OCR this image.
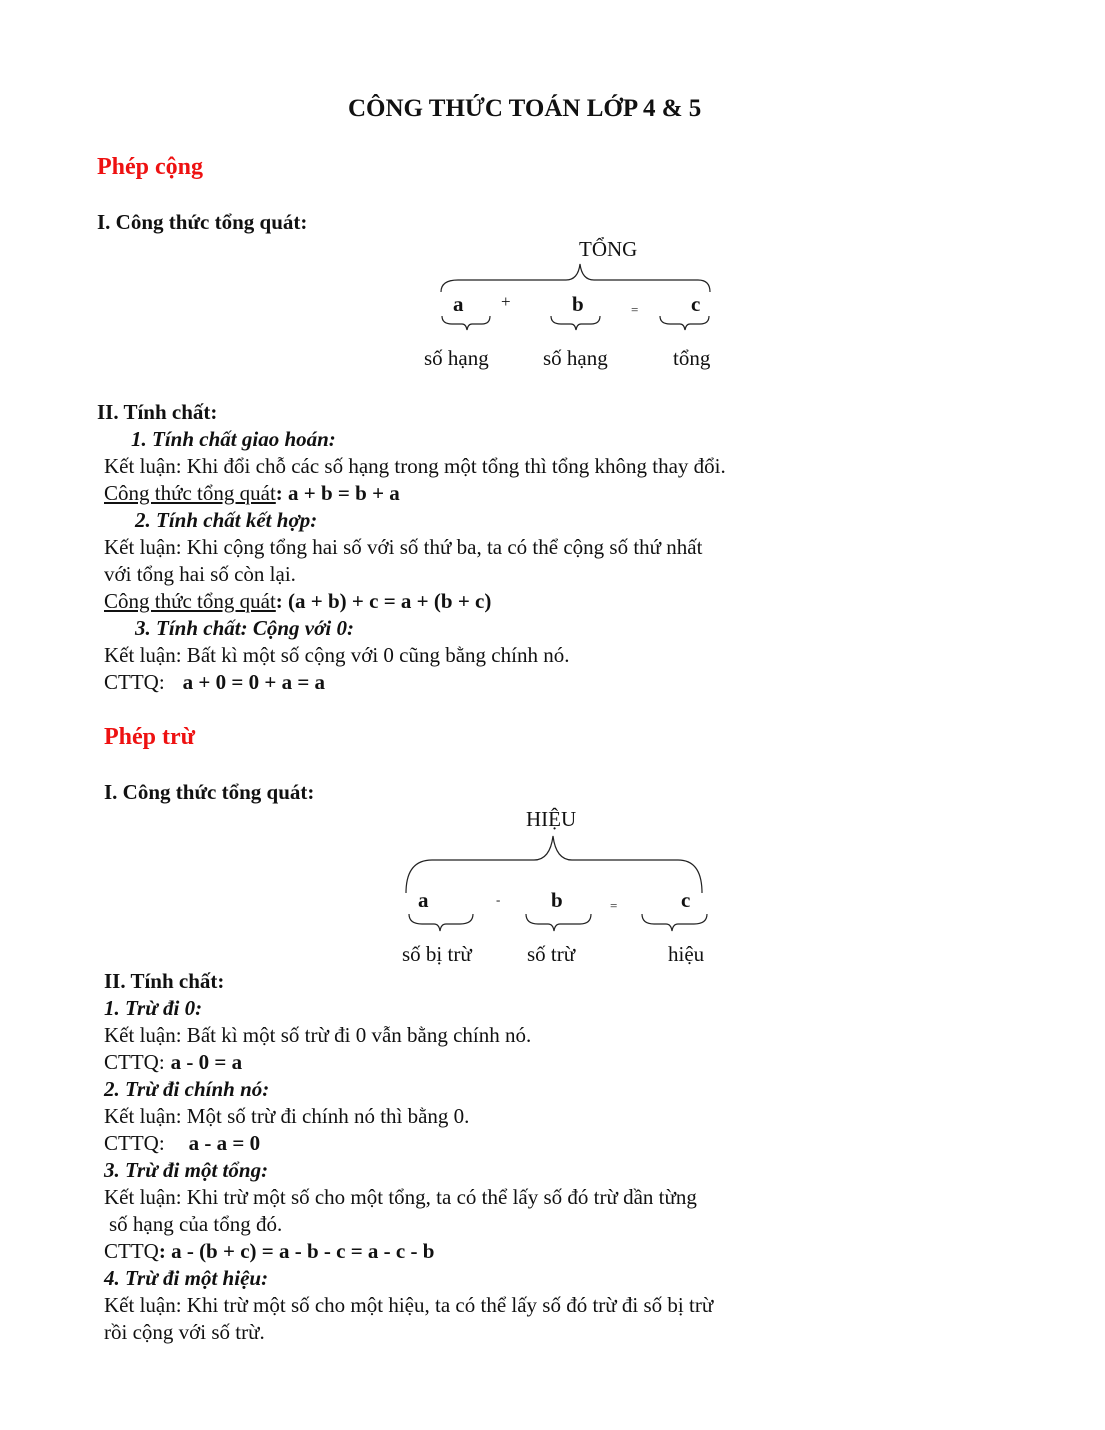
CÔNG THỨC TOÁN LỚP 4 & 5
Phép cộng
I. Công thức tổng quát:
TỔNG
a +	b	=	c
số hạng	số hạng	tổng
II. Tính chất:
1. Tính chất giao hoán:
Kết luận: Khi đổi chỗ các số hạng trong một tổng thì tổng không thay đổi.
Công thức tổng quát: a + b = b + a
2. Tính chất kết hợp:
Kết luận: Khi cộng tổng hai số với số thứ ba, ta có thể cộng số thứ nhất
với tổng hai số còn lại.
Công thức tổng quát: (a + b) + c = a + (b + c)
3. Tính chất: Cộng với 0:
Kết luận: Bất kì một số cộng với 0 cũng bằng chính nó.
CTTQ: a + 0 = 0 + a = a
Phép trừ
I. Công thức tổng quát:
HIỆU
a	- b	=	c
số bị trừ	số trừ	hiệu
II. Tính chất:
1. Trừ đi 0:
Kết luận: Bất kì một số trừ đi 0 vẫn bằng chính nó.
CTTQ: a - 0 = a
2. Trừ đi chính nó:
Kết luận: Một số trừ đi chính nó thì bằng 0.
CTTQ: a - a = 0
3. Trừ đi một tổng:
Kết luận: Khi trừ một số cho một tổng, ta có thể lấy số đó trừ dần từng
số hạng của tổng đó.
CTTQ: a - (b + c) = a - b - c = a - c - b
4. Trừ đi một hiệu:
Kết luận: Khi trừ một số cho một hiệu, ta có thể lấy số đó trừ đi số bị trừ
rồi cộng với số trừ.
